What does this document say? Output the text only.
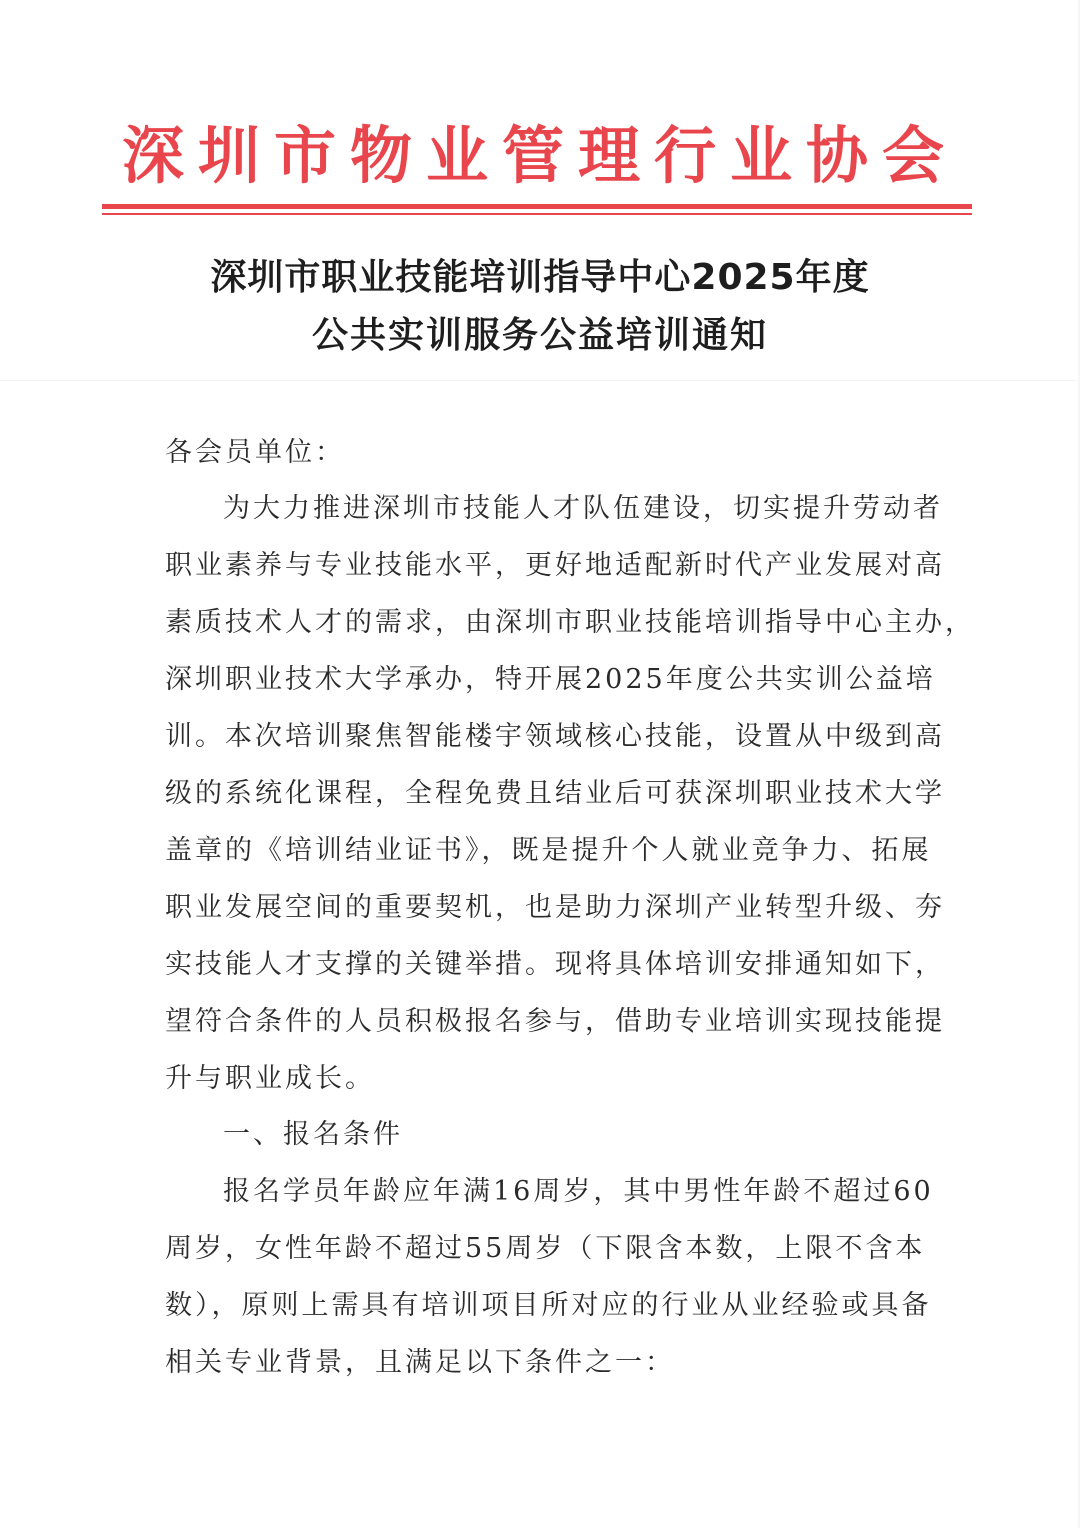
深圳市物业管理行业协会
深圳市职业技能培训指导中心2025年度
公共实训服务公益培训通知
各会员单位：
为大力推进深圳市技能人才队伍建设，切实提升劳动者
职业素养与专业技能水平，更好地适配新时代产业发展对高
素质技术人才的需求，由深圳市职业技能培训指导中心主办，
深圳职业技术大学承办，特开展2025年度公共实训公益培
训。本次培训聚焦智能楼宇领域核心技能，设置从中级到高
级的系统化课程，全程免费且结业后可获深圳职业技术大学
盖章的《培训结业证书》，既是提升个人就业竞争力、拓展
职业发展空间的重要契机，也是助力深圳产业转型升级、夯
实技能人才支撑的关键举措。现将具体培训安排通知如下，
望符合条件的人员积极报名参与，借助专业培训实现技能提
升与职业成长。
一、报名条件
报名学员年龄应年满16周岁，其中男性年龄不超过60
周岁，女性年龄不超过55周岁（下限含本数，上限不含本
数），原则上需具有培训项目所对应的行业从业经验或具备
相关专业背景，且满足以下条件之一：
